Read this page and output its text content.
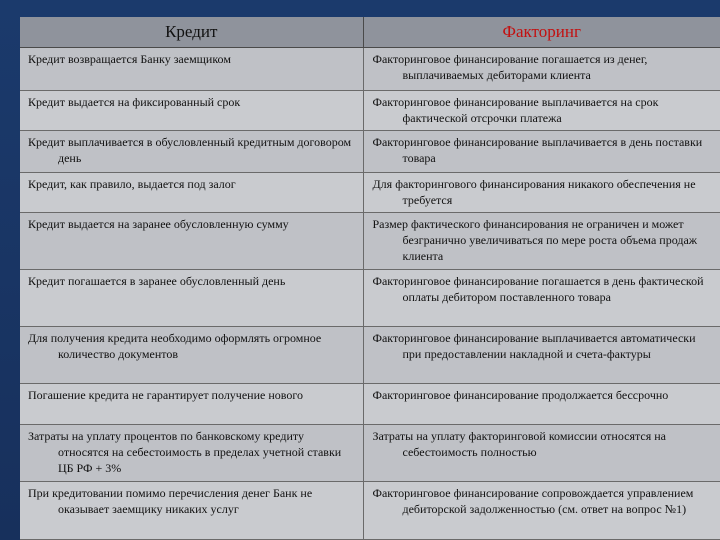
Кредит	Факторинг

Кредит возвращается Банку заемщиком	Факторинговое финансирование погашается из денег, выплачиваемых дебиторами клиента

Кредит выдается на фиксированный срок	Факторинговое финансирование выплачивается на срок фактической отсрочки платежа

Кредит выплачивается в обусловленный кредитным договором день	Факторинговое финансирование выплачивается в день поставки товара

Кредит, как правило, выдается под залог	Для факторингового финансирования никакого обеспечения не требуется

Кредит выдается на заранее обусловленную сумму	Размер фактического финансирования не ограничен и может безгранично увеличиваться по мере роста объема продаж клиента

Кредит погашается в заранее обусловленный день	Факторинговое финансирование погашается в день фактической оплаты дебитором поставленного товара

Для получения кредита необходимо оформлять огромное количество документов	Факторинговое финансирование выплачивается автоматически при предоставлении накладной и счета-фактуры

Погашение кредита не гарантирует получение нового	Факторинговое финансирование продолжается бессрочно

Затраты на уплату процентов по банковскому кредиту относятся на себестоимость в пределах учетной ставки ЦБ РФ + 3%	Затраты на уплату факторинговой комиссии относятся на себестоимость полностью

При кредитовании помимо перечисления денег Банк не оказывает заемщику никаких услуг	Факторинговое финансирование сопровождается управлением дебиторской задолженностью (см. ответ на вопрос №1)
